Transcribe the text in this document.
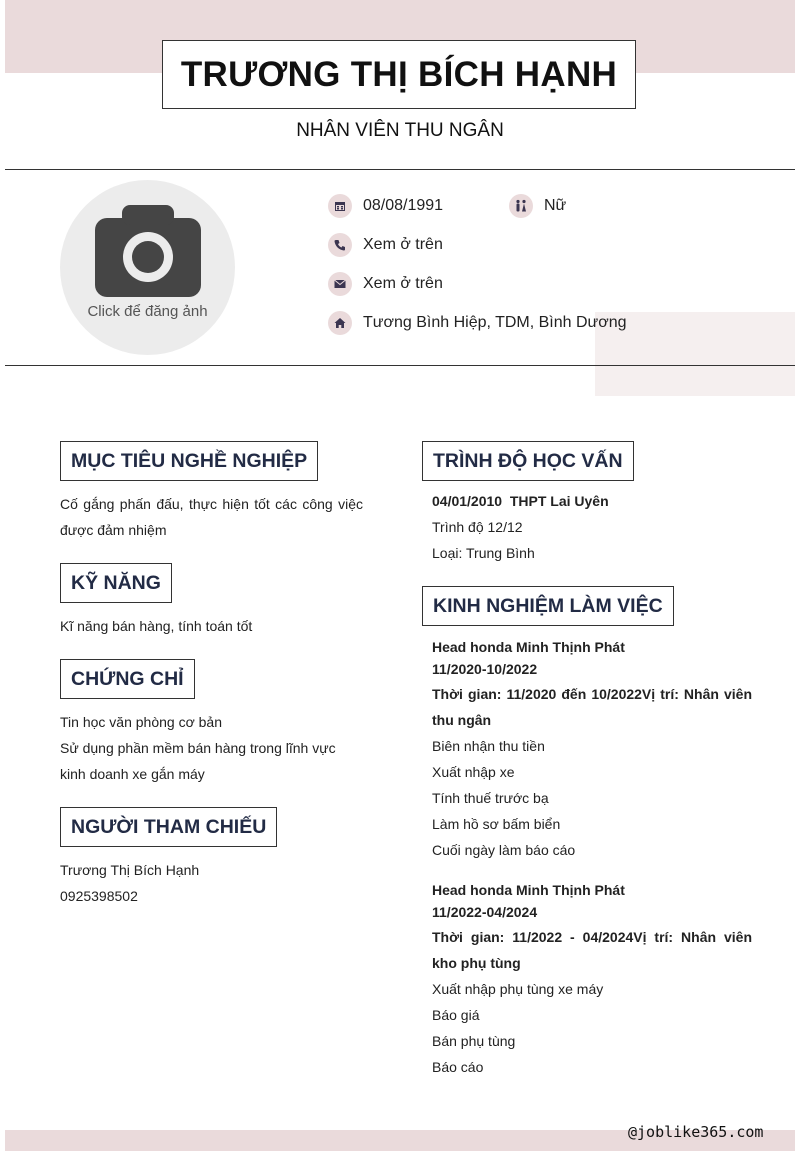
TRƯƠNG THỊ BÍCH HẠNH
NHÂN VIÊN THU NGÂN
Click để đăng ảnh
08/08/1991	Nữ
Xem ở trên
Xem ở trên
Tương Bình Hiệp, TDM, Bình Dương
MỤC TIÊU NGHỀ NGHIỆP
Cố gắng phấn đấu, thực hiện tốt các công việc được đảm nhiệm
KỸ NĂNG
Kĩ năng bán hàng, tính toán tốt
CHỨNG CHỈ
Tin học văn phòng cơ bản
Sử dụng phần mềm bán hàng trong lĩnh vực kinh doanh xe gắn máy
NGƯỜI THAM CHIẾU
Trương Thị Bích Hạnh
0925398502
TRÌNH ĐỘ HỌC VẤN
04/01/2010  THPT Lai Uyên
Trình độ 12/12
Loại: Trung Bình
KINH NGHIỆM LÀM VIỆC
Head honda Minh Thịnh Phát
11/2020-10/2022
Thời gian: 11/2020 đến 10/2022Vị trí: Nhân viên thu ngân
Biên nhận thu tiền
Xuất nhập xe
Tính thuế trước bạ
Làm hồ sơ bấm biển
Cuối ngày làm báo cáo
Head honda Minh Thịnh Phát
11/2022-04/2024
Thời gian: 11/2022 - 04/2024Vị trí: Nhân viên kho phụ tùng
Xuất nhập phụ tùng xe máy
Báo giá
Bán phụ tùng
Báo cáo
@joblike365.com
